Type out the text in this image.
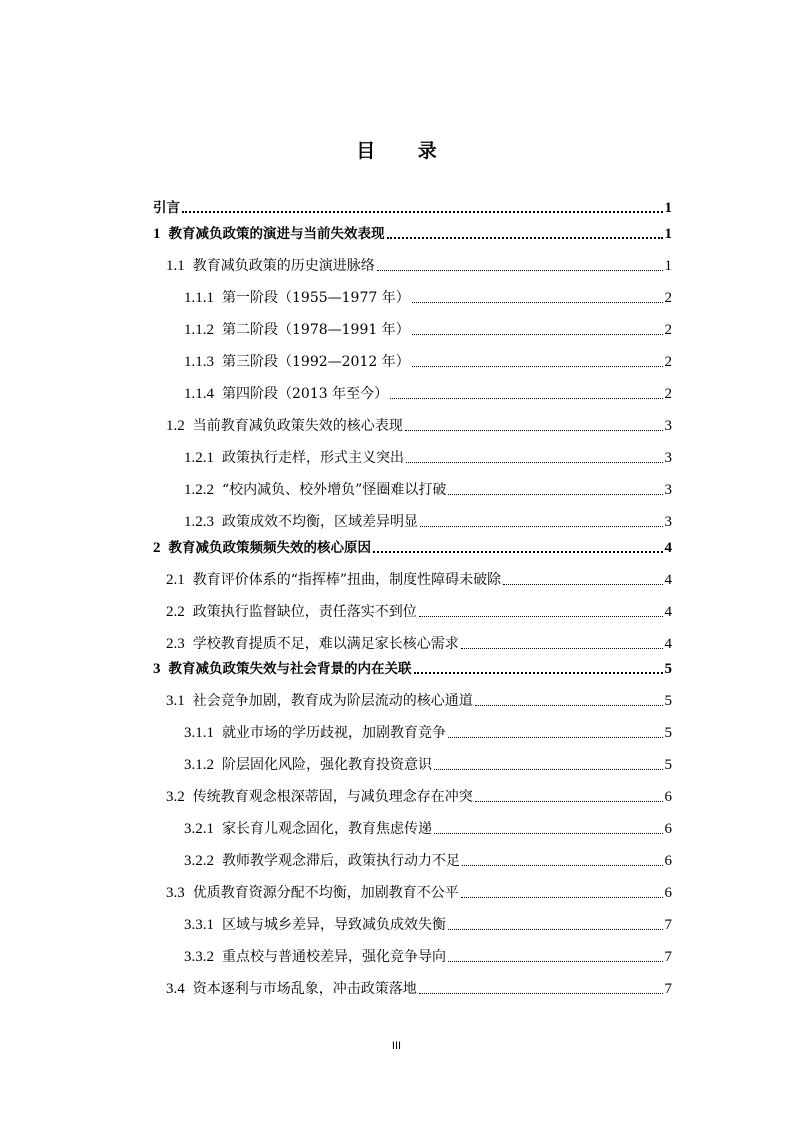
目 录
引言	1
1 教育减负政策的演进与当前失效表现	1
1.1 教育减负政策的历史演进脉络	1
1.1.1 第一阶段（1955—1977 年）	2
1.1.2 第二阶段（1978—1991 年）	2
1.1.3 第三阶段（1992—2012 年）	2
1.1.4 第四阶段（2013 年至今）	2
1.2 当前教育减负政策失效的核心表现	3
1.2.1 政策执行走样，形式主义突出	3
1.2.2 “校内减负、校外增负”怪圈难以打破	3
1.2.3 政策成效不均衡，区域差异明显	3
2 教育减负政策频频失效的核心原因	4
2.1 教育评价体系的“指挥棒”扭曲，制度性障碍未破除	4
2.2 政策执行监督缺位，责任落实不到位	4
2.3 学校教育提质不足，难以满足家长核心需求	4
3 教育减负政策失效与社会背景的内在关联	5
3.1 社会竞争加剧，教育成为阶层流动的核心通道	5
3.1.1 就业市场的学历歧视，加剧教育竞争	5
3.1.2 阶层固化风险，强化教育投资意识	5
3.2 传统教育观念根深蒂固，与减负理念存在冲突	6
3.2.1 家长育儿观念固化，教育焦虑传递	6
3.2.2 教师教学观念滞后，政策执行动力不足	6
3.3 优质教育资源分配不均衡，加剧教育不公平	6
3.3.1 区域与城乡差异，导致减负成效失衡	7
3.3.2 重点校与普通校差异，强化竞争导向	7
3.4 资本逐利与市场乱象，冲击政策落地	7
III
